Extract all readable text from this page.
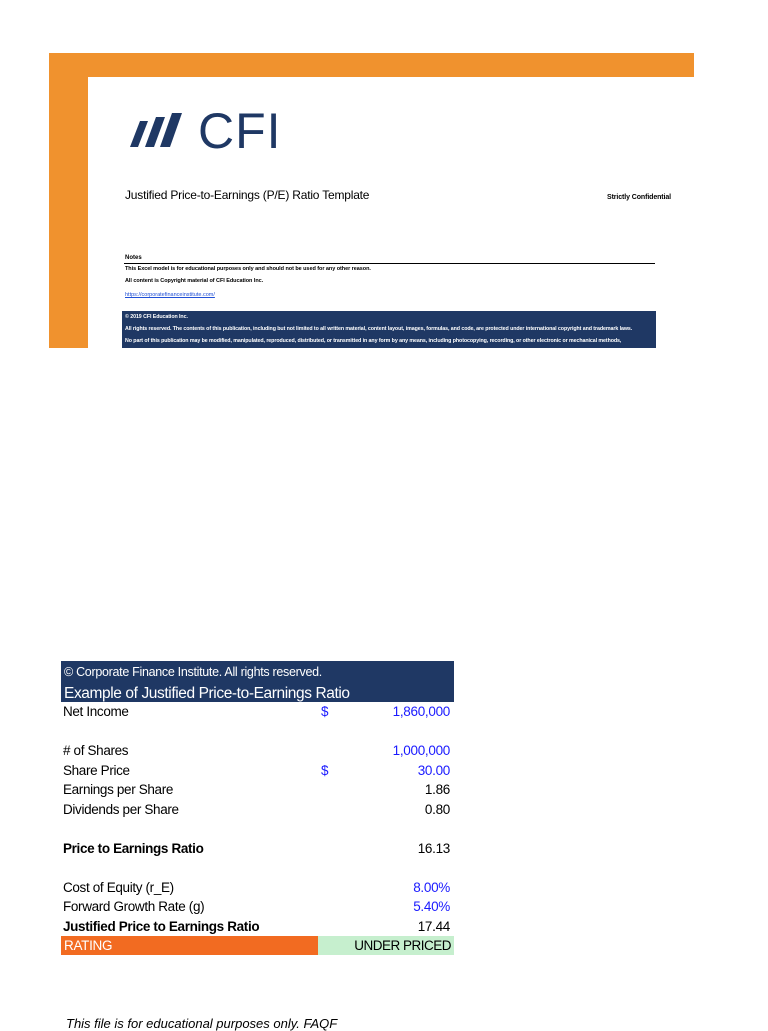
CFI
Justified Price-to-Earnings (P/E) Ratio Template	Strictly Confidential
Notes
This Excel model is for educational purposes only and should not be used for any other reason.
All content is Copyright material of CFI Education Inc.
https://corporatefinanceinstitute.com/
© 2019 CFI Education Inc.
All rights reserved. The contents of this publication, including but not limited to all written material, content layout, images, formulas, and code, are protected under international copyright and trademark laws.
No part of this publication may be modified, manipulated, reproduced, distributed, or transmitted in any form by any means, including photocopying, recording, or other electronic or mechanical methods,
© Corporate Finance Institute. All rights reserved.
Example of Justified Price-to-Earnings Ratio
Net Income	$	1,860,000
# of Shares	1,000,000
Share Price	$	30.00
Earnings per Share	1.86
Dividends per Share	0.80
Price to Earnings Ratio	16.13
Cost of Equity (r_E)	8.00%
Forward Growth Rate (g)	5.40%
Justified Price to Earnings Ratio	17.44
RATING	UNDER PRICED
This file is for educational purposes only. FAQF
